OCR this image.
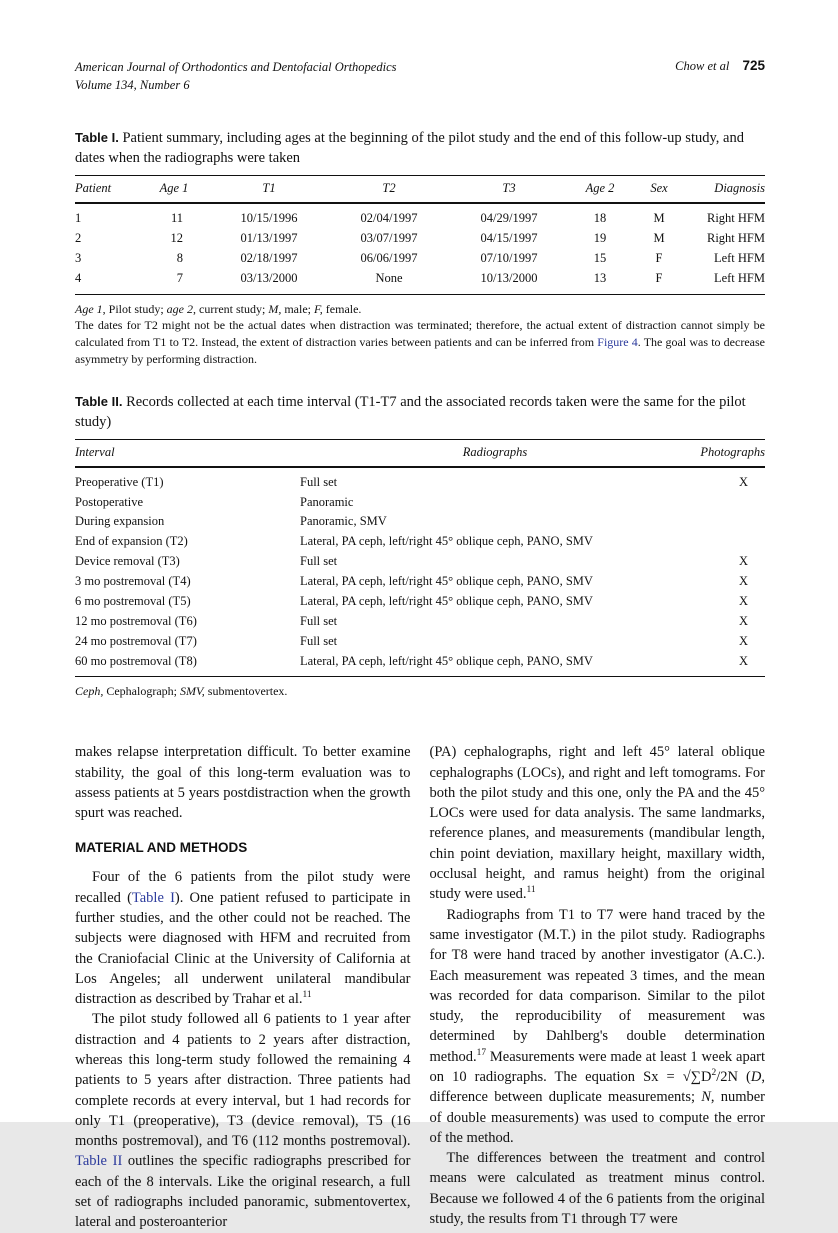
American Journal of Orthodontics and Dentofacial Orthopedics
Volume 134, Number 6
Chow et al 725
Table I. Patient summary, including ages at the beginning of the pilot study and the end of this follow-up study, and dates when the radiographs were taken
Patient	Age 1	T1	T2	T3	Age 2	Sex	Diagnosis
1	11	10/15/1996	02/04/1997	04/29/1997	18	M	Right HFM
2	12	01/13/1997	03/07/1997	04/15/1997	19	M	Right HFM
3	8	02/18/1997	06/06/1997	07/10/1997	15	F	Left HFM
4	7	03/13/2000	None	10/13/2000	13	F	Left HFM

Age 1, Pilot study; age 2, current study; M, male; F, female.

The dates for T2 might not be the actual dates when distraction was terminated; therefore, the actual extent of distraction cannot simply be calculated from T1 to T2. Instead, the extent of distraction varies between patients and can be inferred from Figure 4. The goal was to decrease asymmetry by performing distraction.

Table II. Records collected at each time interval (T1-T7 and the associated records taken were the same for the pilot study)
Interval	Radiographs	Photographs
Preoperative (T1)	Full set	X
Postoperative	Panoramic	
During expansion	Panoramic, SMV	
End of expansion (T2)	Lateral, PA ceph, left/right 45° oblique ceph, PANO, SMV	
Device removal (T3)	Full set	X
3 mo postremoval (T4)	Lateral, PA ceph, left/right 45° oblique ceph, PANO, SMV	X
6 mo postremoval (T5)	Lateral, PA ceph, left/right 45° oblique ceph, PANO, SMV	X
12 mo postremoval (T6)	Full set	X
24 mo postremoval (T7)	Full set	X
60 mo postremoval (T8)	Lateral, PA ceph, left/right 45° oblique ceph, PANO, SMV	X

Ceph, Cephalograph; SMV, submentovertex.

makes relapse interpretation difficult. To better examine stability, the goal of this long-term evaluation was to assess patients at 5 years postdistraction when the growth spurt was reached.

MATERIAL AND METHODS

Four of the 6 patients from the pilot study were recalled (Table I). One patient refused to participate in further studies, and the other could not be reached. The subjects were diagnosed with HFM and recruited from the Craniofacial Clinic at the University of California at Los Angeles; all underwent unilateral mandibular distraction as described by Trahar et al.$^{11}$

The pilot study followed all 6 patients to 1 year after distraction and 4 patients to 2 years after distraction, whereas this long-term study followed the remaining 4 patients to 5 years after distraction. Three patients had complete records at every interval, but 1 had records for only T1 (preoperative), T3 (device removal), T5 (16 months postremoval), and T6 (112 months postremoval). Table II outlines the specific radiographs prescribed for each of the 8 intervals. Like the original research, a full set of radiographs included panoramic, submentovertex, lateral and posteroanterior

(PA) cephalographs, right and left 45° lateral oblique cephalographs (LOCs), and right and left tomograms. For both the pilot study and this one, only the PA and the 45° LOCs were used for data analysis. The same landmarks, reference planes, and measurements (mandibular length, chin point deviation, maxillary height, maxillary width, occlusal height, and ramus height) from the original study were used.$^{11}$

Radiographs from T1 to T7 were hand traced by the same investigator (M.T.) in the pilot study. Radiographs for T8 were hand traced by another investigator (A.C.). Each measurement was repeated 3 times, and the mean was recorded for data comparison. Similar to the pilot study, the reproducibility of measurement was determined by Dahlberg's double determination method.$^{17}$ Measurements were made at least 1 week apart on 10 radiographs. The equation $Sx = √\sum D^2/2N$ (D, difference between duplicate measurements; N, number of double measurements) was used to compute the error of the method.

The differences between the treatment and control means were calculated as treatment minus control. Because we followed 4 of the 6 patients from the original study, the results from T1 through T7 were
